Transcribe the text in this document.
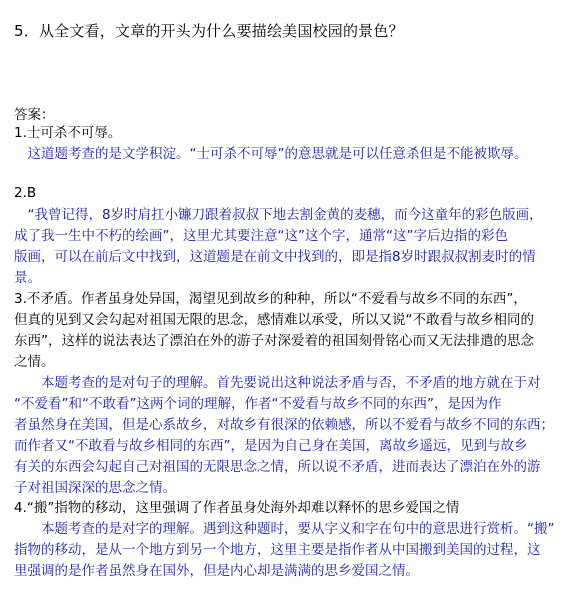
5．从全文看，文章的开头为什么要描绘美国校园的景色？
答案：
1.士可杀不可辱。
　这道题考查的是文学积淀。“士可杀不可辱”的意思就是可以任意杀但是不能被欺辱。
2.B
　“我曾记得，8岁时肩扛小镰刀跟着叔叔下地去割金黄的麦穗，而今这童年的彩色版画，
成了我一生中不朽的绘画”，这里尤其要注意“这”这个字，通常“这”字后边指的彩色
版画，可以在前后文中找到，这道题是在前文中找到的，即是指8岁时跟叔叔割麦时的情
景。
3.不矛盾。作者虽身处异国，渴望见到故乡的种种，所以“不爱看与故乡不同的东西”，
但真的见到又会勾起对祖国无限的思念，感情难以承受，所以又说“不敢看与故乡相同的
东西”，这样的说法表达了漂泊在外的游子对深爱着的祖国刻骨铭心而又无法排遣的思念
之情。
　　本题考查的是对句子的理解。首先要说出这种说法矛盾与否，不矛盾的地方就在于对
“不爱看”和“不敢看”这两个词的理解，作者“不爱看与故乡不同的东西”，是因为作
者虽然身在美国，但是心系故乡，对故乡有很深的依赖感，所以不爱看与故乡不同的东西；
而作者又“不敢看与故乡相同的东西”，是因为自己身在美国，离故乡遥远，见到与故乡
有关的东西会勾起自己对祖国的无限思念之情，所以说不矛盾，进而表达了漂泊在外的游
子对祖国深深的思念之情。
4.“搬”指物的移动，这里强调了作者虽身处海外却难以释怀的思乡爱国之情
　　本题考查的是对字的理解。遇到这种题时，要从字义和字在句中的意思进行赏析。“搬”
指物的移动，是从一个地方到另一个地方，这里主要是指作者从中国搬到美国的过程，这
里强调的是作者虽然身在国外，但是内心却是满满的思乡爱国之情。
